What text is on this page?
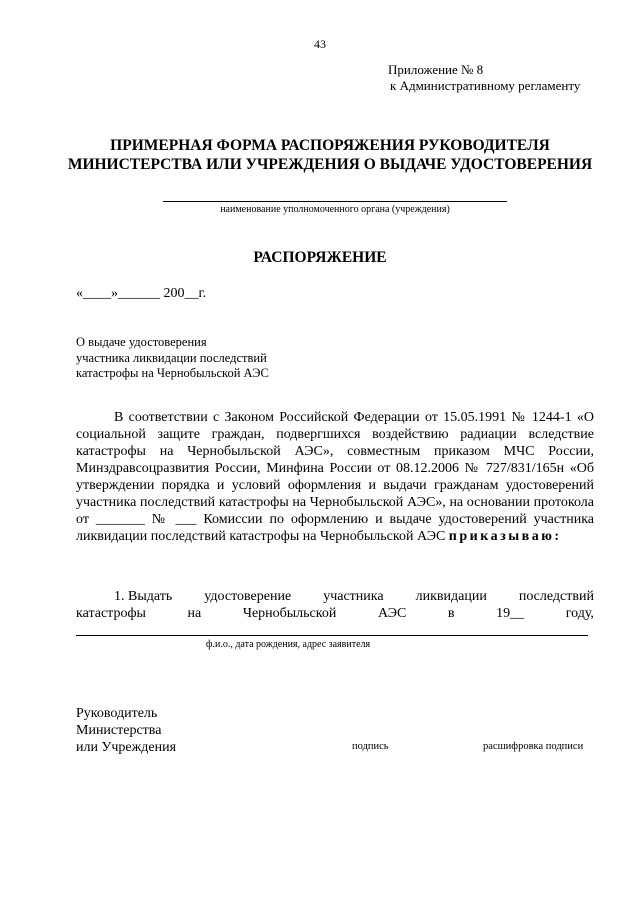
43
Приложение № 8
к Административному регламенту
ПРИМЕРНАЯ ФОРМА РАСПОРЯЖЕНИЯ РУКОВОДИТЕЛЯ
МИНИСТЕРСТВА ИЛИ УЧРЕЖДЕНИЯ О ВЫДАЧЕ УДОСТОВЕРЕНИЯ
наименование уполномоченного органа (учреждения)
РАСПОРЯЖЕНИЕ
«____»______ 200__г.
О выдаче удостоверения
участника ликвидации последствий
катастрофы на Чернобыльской АЭС
В соответствии с Законом Российской Федерации от 15.05.1991 № 1244-1 «О социальной защите граждан, подвергшихся воздействию радиации вследствие катастрофы на Чернобыльской АЭС», совместным приказом МЧС России, Минздравсоцразвития России, Минфина России от 08.12.2006 № 727/831/165н «Об утверждении порядка и условий оформления и выдачи гражданам удостоверений участника последствий катастрофы на Чернобыльской АЭС», на основании протокола от _______ № ___ Комиссии по оформлению и выдаче удостоверений участника ликвидации последствий катастрофы на Чернобыльской АЭС приказываю:
1. Выдать удостоверение участника ликвидации последствий
катастрофы	на	Чернобыльской	АЭС	в	19__	году,
ф.и.о., дата рождения, адрес заявителя
Руководитель
Министерства
или Учреждения	подпись	расшифровка подписи
